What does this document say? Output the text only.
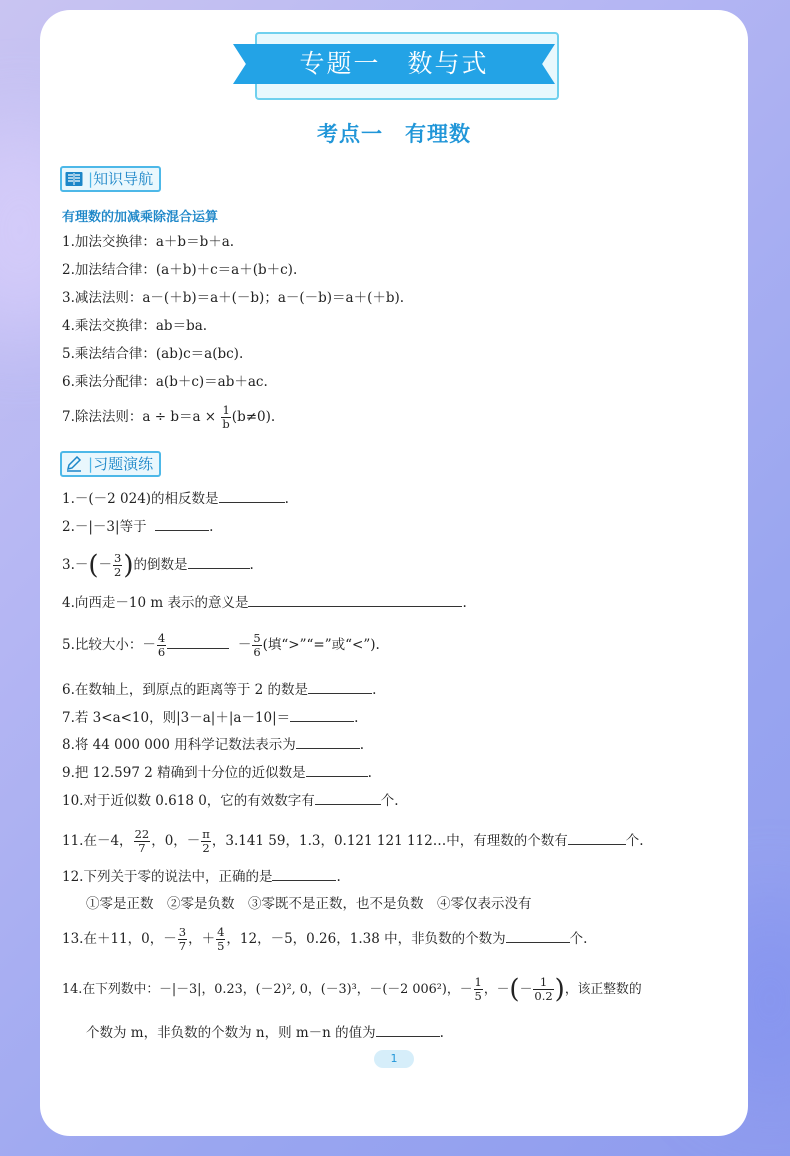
专题一　数与式
考点一　有理数
|知识导航
有理数的加减乘除混合运算
1.加法交换律：a＋b＝b＋a.
2.加法结合律：(a＋b)＋c＝a＋(b＋c).
3.减法法则：a－(＋b)＝a＋(－b)；a－(－b)＝a＋(＋b).
4.乘法交换律：ab＝ba.
5.乘法结合律：(ab)c＝a(bc).
6.乘法分配律：a(b＋c)＝ab＋ac.
7.除法法则：$a \div b=a \times \frac{1}{b} (b\ne 0)$.
|习题演练
1.－(－2 024)的相反数是	.
2.－|－3|等于	.
$3.-(- \frac{3}{2}$ )的倒数是	.
4.向西走－10 m 表示的意义是	.
5.比较大小：－ $\frac{4}{6}$	－ $\frac{5}{6}$ (填“>”“=”或“<”).
6.在数轴上，到原点的距离等于 2 的数是	.
7.若 3<a<10，则|3－a|＋|a－10|＝	.
8.将 44 000 000 用科学记数法表示为	.
9.把 12.597 2 精确到十分位的近似数是	.
10.对于近似数 0.618 0，它的有效数字有	个.
11.在－4， $\frac{22}{7}$ ，0，－ $\frac{\pi}{2}$ ，3.141 59，1.3，0.121 121 112…中，有理数的个数有	个.
12.下列关于零的说法中，正确的是	.
①零是正数　②零是负数　③零既不是正数，也不是负数　④零仅表示没有
13.在＋11，0，－ $\frac{3}{7}$ ，＋ $\frac{4}{5}$ ，12，－5，0.26，1.38 中，非负数的个数为	个.
14.在下列数中：－|－3|，0.23，(－2)², 0，(－3)³，－(－2 006²)，－ $\frac{1}{5}$ ，－(－ $\frac{1}{0.2}$ )，该正整数的
个数为 m，非负数的个数为 n，则 m－n 的值为	.
1
